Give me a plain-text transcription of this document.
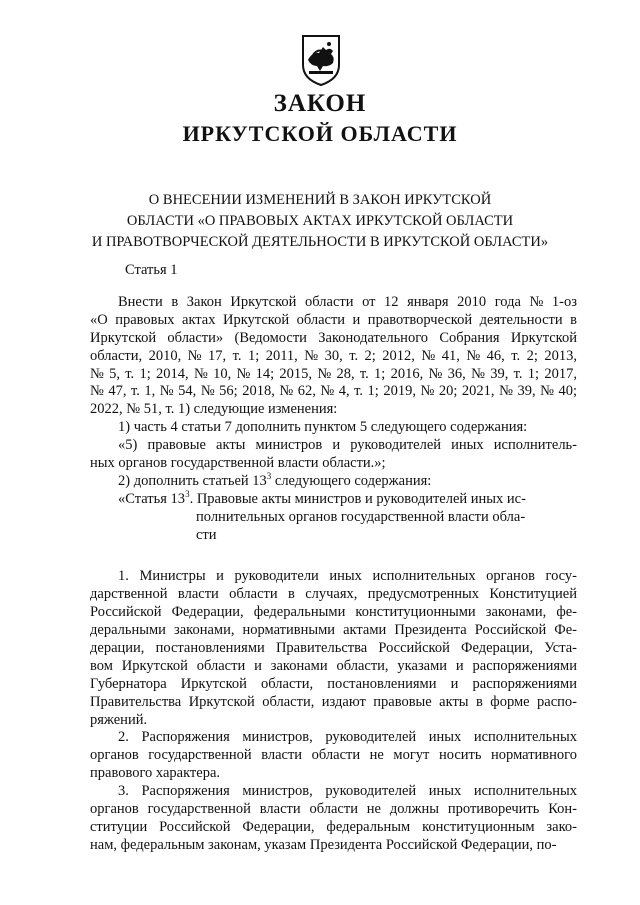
ЗАКОН
ИРКУТСКОЙ ОБЛАСТИ
О ВНЕСЕНИИ ИЗМЕНЕНИЙ В ЗАКОН ИРКУТСКОЙ
ОБЛАСТИ «О ПРАВОВЫХ АКТАХ ИРКУТСКОЙ ОБЛАСТИ
И ПРАВОТВОРЧЕСКОЙ ДЕЯТЕЛЬНОСТИ В ИРКУТСКОЙ ОБЛАСТИ»
Статья 1
Внести в Закон Иркутской области от 12 января 2010 года № 1-оз
«О правовых актах Иркутской области и правотворческой деятельности в
Иркутской области» (Ведомости Законодательного Собрания Иркутской
области, 2010, № 17, т. 1; 2011, № 30, т. 2; 2012, № 41, № 46, т. 2; 2013,
№ 5, т. 1; 2014, № 10, № 14; 2015, № 28, т. 1; 2016, № 36, № 39, т. 1; 2017,
№ 47, т. 1, № 54, № 56; 2018, № 62, № 4, т. 1; 2019, № 20; 2021, № 39, № 40;
2022, № 51, т. 1) следующие изменения:
1) часть 4 статьи 7 дополнить пунктом 5 следующего содержания:
«5) правовые акты министров и руководителей иных исполнитель-
ных органов государственной власти области.»;
2) дополнить статьей $13^3$ следующего содержания:
«Статья $13^3$. Правовые акты министров и руководителей иных ис-
полнительных органов государственной власти обла-
сти
1. Министры и руководители иных исполнительных органов госу-
дарственной власти области в случаях, предусмотренных Конституцией
Российской Федерации, федеральными конституционными законами, фе-
деральными законами, нормативными актами Президента Российской Фе-
дерации, постановлениями Правительства Российской Федерации, Уста-
вом Иркутской области и законами области, указами и распоряжениями
Губернатора Иркутской области, постановлениями и распоряжениями
Правительства Иркутской области, издают правовые акты в форме распо-
ряжений.
2. Распоряжения министров, руководителей иных исполнительных
органов государственной власти области не могут носить нормативного
правового характера.
3. Распоряжения министров, руководителей иных исполнительных
органов государственной власти области не должны противоречить Кон-
ституции Российской Федерации, федеральным конституционным зако-
нам, федеральным законам, указам Президента Российской Федерации, по-
